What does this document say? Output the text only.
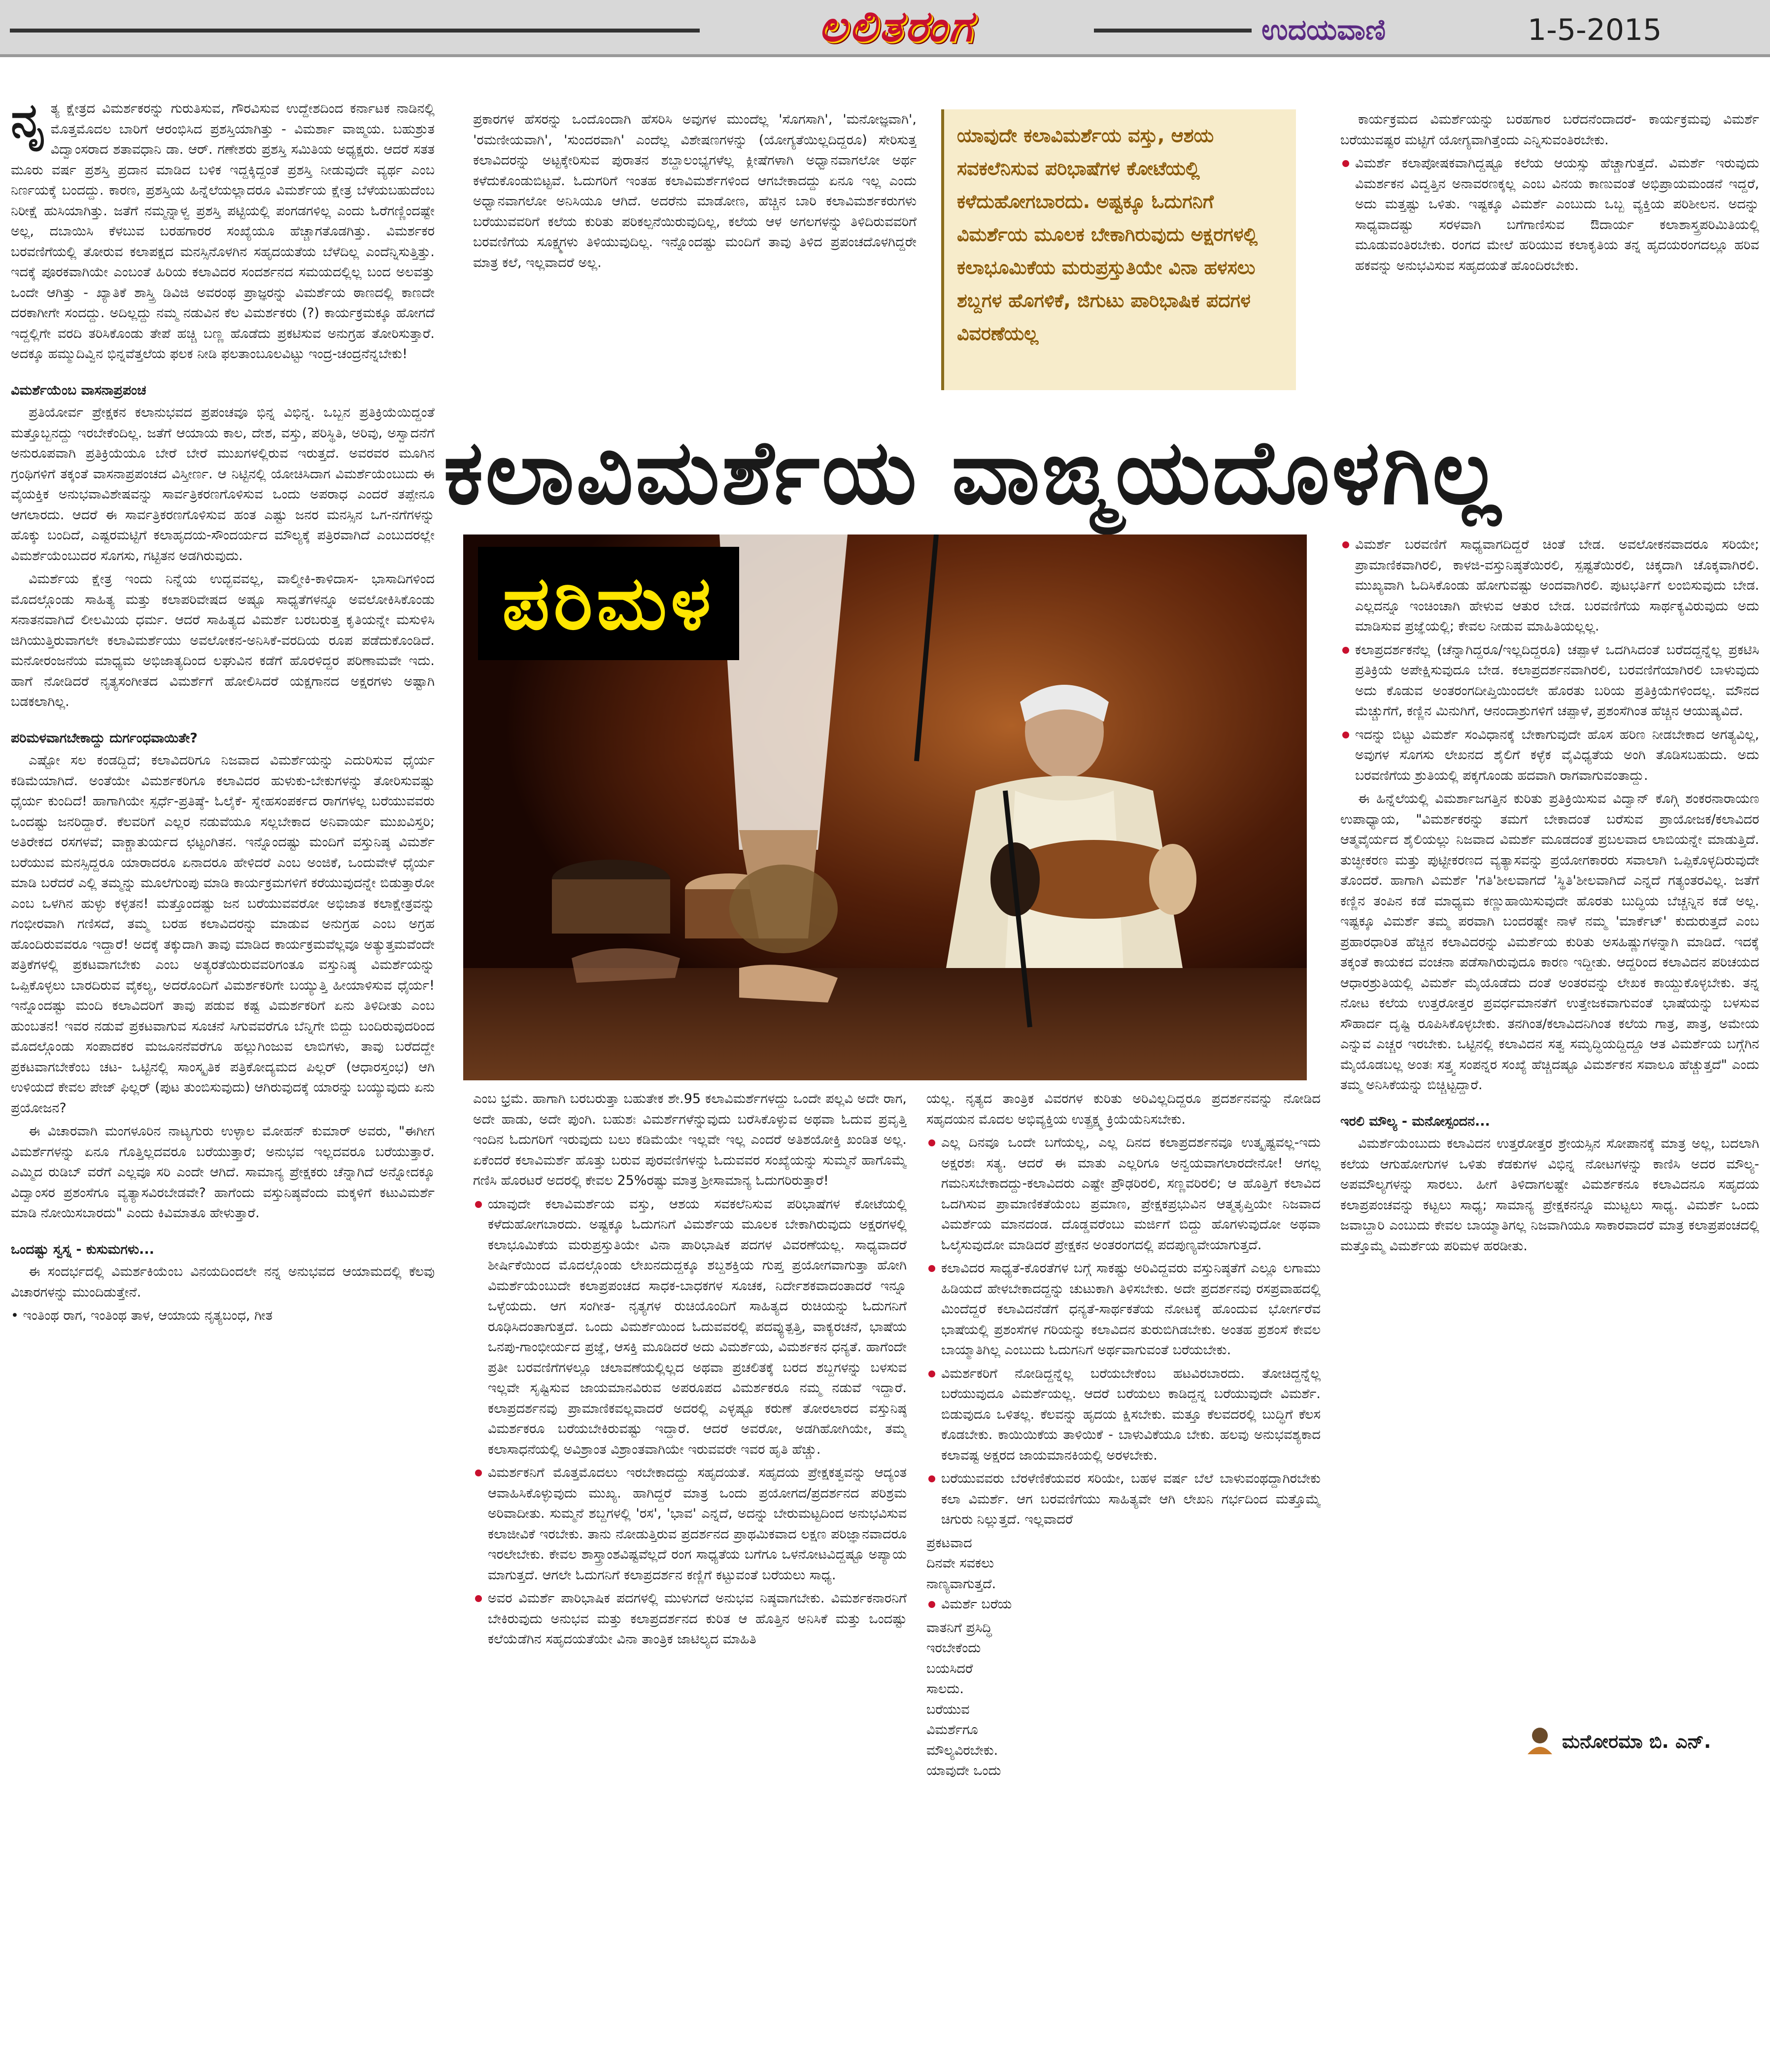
ಲಲಿತರಂಗ	ಉದಯವಾಣಿ	1-5-2015

ನೃತ್ಯ ಕ್ಷೇತ್ರದ ವಿಮರ್ಶಕರನ್ನು ಗುರುತಿಸುವ, ಗೌರವಿಸುವ ಉದ್ದೇಶದಿಂದ ಕರ್ನಾಟಕ ನಾಡಿನಲ್ಲಿ ಮೊತ್ತಮೊದಲ ಬಾರಿಗೆ ಆರಂಭಿಸಿದ ಪ್ರಶಸ್ತಿಯಾಗಿತ್ತು - ವಿಮರ್ಶಾ ವಾಙ್ಮಯ. ಬಹುಶ್ರುತ ವಿದ್ವಾಂಸರಾದ ಶತಾವಧಾನಿ ಡಾ. ಆರ್. ಗಣೇಶರು ಪ್ರಶಸ್ತಿ ಸಮಿತಿಯ ಅಧ್ಯಕ್ಷರು. ಆದರೆ ಸತತ ಮೂರು ವರ್ಷ ಪ್ರಶಸ್ತಿ ಪ್ರದಾನ ಮಾಡಿದ ಬಳಿಕ ಇದ್ದಕ್ಕಿದ್ದಂತೆ ಪ್ರಶಸ್ತಿ ನೀಡುವುದೇ ವ್ಯರ್ಥ ಎಂಬ ನಿರ್ಣಯಕ್ಕೆ ಬಂದದ್ದು. ಕಾರಣ, ಪ್ರಶಸ್ತಿಯ ಹಿನ್ನೆಲೆಯಲ್ಲಾದರೂ ವಿಮರ್ಶೆಯ ಕ್ಷೇತ್ರ ಬೆಳೆಯಬಹುದೆಂಬ ನಿರೀಕ್ಷೆ ಹುಸಿಯಾಗಿತ್ತು. ಜತೆಗೆ ನಮ್ಮನ್ನಾಳ್ವ ಪ್ರಶಸ್ತಿ ಪಟ್ಟಿಯಲ್ಲಿ ಪಂಗಡಗಳಿಲ್ಲ ಎಂದು ಓರೆಗಣ್ಣಿಂದಷ್ಟೇ ಅಲ್ಲ, ದಬಾಯಿಸಿ ಕೆಳಬುವ ಬರಹಗಾರರ ಸಂಖ್ಯೆಯೂ ಹೆಚ್ಚಾಗತೊಡಗಿತ್ತು. ವಿಮರ್ಶಕರ ಬರವಣಿಗೆಯಲ್ಲಿ ತೋರುವ ಕಲಾಪಕ್ಷದ ಮನಸ್ಸಿನೊಳಗಿನ ಸಹೃದಯತೆಯ ಬೆಳೆದಿಲ್ಲ ಎಂದೆನ್ನಿಸುತ್ತಿತ್ತು. ಇದಕ್ಕೆ ಪೂರಕವಾಗಿಯೇ ಎಂಬಂತೆ ಹಿರಿಯ ಕಲಾವಿದರ ಸಂದರ್ಶನದ ಸಮಯದಲ್ಲಿಲ್ಲ ಬಂದ ಅಲವತ್ತು ಒಂದೇ ಆಗಿತ್ತು - ಖ್ಯಾತಿಕೆ ಶಾಸ್ತ್ರಿ ಡಿವಿಜಿ ಅವರಂಥ ಪ್ರಾಜ್ಞರನ್ನು ವಿಮರ್ಶೆಯ ಠಾಣದಲ್ಲಿ ಕಾಣದೇ ದರಕಾಗೀಗೇ ಸಂದದ್ದು. ಅದಿಲ್ಲದ್ದು ನಮ್ಮ ನಡುವಿನ ಕೆಲ ವಿಮರ್ಶಕರು (?) ಕಾರ್ಯಕ್ರಮಕ್ಕೂ ಹೋಗದೆ ಇದ್ದಲ್ಲಿಗೇ ವರದಿ ತರಿಸಿಕೊಂಡು ತೇಪೆ ಹಚ್ಚಿ ಬಣ್ಣ ಹೊಡೆದು ಪ್ರಕಟಿಸುವ ಅನುಗ್ರಹ ತೋರಿಸುತ್ತಾರೆ. ಅದಕ್ಕೂ ಹಮ್ಮುದಿವ್ವಿನ ಭಿನ್ನವೆತ್ತಲೆಯ ಫಲಕ ನೀಡಿ ಫಲತಾಂಬೂಲವಿಟ್ಟು ಇಂದ್ರ-ಚಂದ್ರನೆನ್ನಬೇಕು!

ವಿಮರ್ಶೆಯೆಂಬ ವಾಸನಾಪ್ರಪಂಚ

ಪ್ರತಿಯೋರ್ವ ಪ್ರೇಕ್ಷಕನ ಕಲಾನುಭವದ ಪ್ರಪಂಚವೂ ಭಿನ್ನ ವಿಭಿನ್ನ. ಒಬ್ಬನ ಪ್ರತಿಕ್ರಿಯೆಯಿದ್ದಂತೆ ಮತ್ತೊಬ್ಬನದ್ದು ಇರಬೇಕೆಂದಿಲ್ಲ. ಜತೆಗೆ ಆಯಾಯ ಕಾಲ, ದೇಶ, ವಸ್ತು, ಪರಿಸ್ಥಿತಿ, ಅರಿವು, ಅಸ್ವಾದನೆಗೆ ಅನುರೂಪವಾಗಿ ಪ್ರತಿಕ್ರಿಯೆಯೂ ಬೇರೆ ಬೇರೆ ಮುಖಗಳಲ್ಲಿರುವ ಇರುತ್ತದೆ. ಅವರವರ ಮೂಗಿನ ಗ್ರಂಥಿಗಳಿಗೆ ತಕ್ಕಂತೆ ವಾಸನಾಪ್ರಪಂಚದ ವಿಸ್ತೀರ್ಣ. ಆ ನಿಟ್ಟಿನಲ್ಲಿ ಯೋಚಿಸಿದಾಗ ವಿಮರ್ಶೆಯೆಂಬುದು ಈ ವೈಯಕ್ತಿಕ ಅನುಭವಾವಿಶೇಷವನ್ನು ಸಾರ್ವತ್ರಿಕರಣಗೊಳಿಸುವ ಒಂದು ಅಪರಾಧ ಎಂದರೆ ತಪ್ಪೇನೂ ಆಗಲಾರದು. ಆದರೆ ಈ ಸಾರ್ವತ್ರಿಕರಣಗೊಳಿಸುವ ಹಂತ ಎಷ್ಟು ಜನರ ಮನಸ್ಸಿನ ಒಗ-ನಗೆಗಳನ್ನು ಹೊಕ್ಕು ಬಂದಿದೆ, ಎಷ್ಟರಮಟ್ಟಿಗೆ ಕಲಾಹೃದಯ-ಸೌಂದರ್ಯದ ಮೌಲ್ಯಕ್ಕೆ ಪತ್ರಿರವಾಗಿದೆ ಎಂಬುದರಲ್ಲೇ ವಿಮರ್ಶೆಯೆಂಬುದರ ಸೊಗಸು, ಗಟ್ಟಿತನ ಅಡಗಿರುವುದು.

ವಿಮರ್ಶೆಯ ಕ್ಷೇತ್ರ ಇಂದು ನಿನ್ನೆಯ ಉದ್ಭವವಲ್ಲ, ವಾಲ್ಮೀಕಿ-ಕಾಳಿದಾಸ- ಭಾಸಾದಿಗಳಿಂದ ಮೊದಲ್ಗೊಂಡು ಸಾಹಿತ್ಯ ಮತ್ತು ಕಲಾಪರಿವೇಷದ ಅಷ್ಟೂ ಸಾಧ್ಯತೆಗಳನ್ನೂ ಅವಲೋಕಿಸಿಕೊಂಡು ಸನಾತನವಾಗಿದೆ ಲೀಲಮಿಯ ಧರ್ಮ. ಆದರೆ ಸಾಹಿತ್ಯದ ವಿಮರ್ಶೆ ಬರಬರುತ್ತ ಕೃತಿಯನ್ನೇ ಮಸುಳಿಸಿ ಜಿಗಿಯುತ್ತಿರುವಾಗಲೇ ಕಲಾವಿಮರ್ಶೆಯು ಅವಲೋಕನ-ಅನಿಸಿಕೆ-ವರದಿಯ ರೂಪ ಪಡೆದುಕೊಂಡಿದೆ. ಮನೋರಂಜನೆಯ ಮಾಧ್ಯಮ ಅಭಿಜಾತ್ಯದಿಂದ ಲಘುವಿನ ಕಡೆಗೆ ಹೊರಳಿದ್ದರ ಪರಿಣಾಮವೇ ಇದು. ಹಾಗೆ ನೋಡಿದರೆ ನೃತ್ಯಸಂಗೀತದ ವಿಮರ್ಶೆಗೆ ಹೋಲಿಸಿದರೆ ಯಕ್ಷಗಾನದ ಅಕ್ಷರಗಳು ಅಷ್ಟಾಗಿ ಬಡಕಲಾಗಿಲ್ಲ.

ಪರಿಮಳವಾಗಬೇಕಾದ್ದು ದುರ್ಗಂಧವಾಯಿತೇ?

ಎಷ್ಟೋ ಸಲ ಕಂಡದ್ದಿದೆ; ಕಲಾವಿದರಿಗೂ ನಿಜವಾದ ವಿಮರ್ಶೆಯನ್ನು ಎದುರಿಸುವ ಧೈರ್ಯ ಕಡಿಮೆಯಾಗಿದೆ. ಅಂತೆಯೇ ವಿಮರ್ಶಕರಿಗೂ ಕಲಾವಿದರ ಹುಳುಕು-ಬೇಕುಗಳನ್ನು ತೋರಿಸುವಷ್ಟು ಧೈರ್ಯ ಕುಂದಿದೆ! ಹಾಗಾಗಿಯೇ ಸ್ಪರ್ಧೆ-ಪ್ರತಿಷ್ಠೆ- ಓಲೈಕೆ- ಸ್ನೇಹಸಂಪರ್ಕದ ರಾಗಗಳಲ್ಲ ಬರೆಯುವವರು ಒಂದಷ್ಟು ಜನರಿದ್ದಾರೆ. ಕೆಲವರಿಗೆ ಎಲ್ಲರ ನಡುವೆಯೂ ಸಲ್ಲಬೇಕಾದ ಅನಿವಾರ್ಯ ಮುಖವಿಸ್ತರಿ; ಅತಿರೇಕದ ರಸಗಳವೆ; ವಾಕ್ಚಾತುರ್ಯದ ಛಟ್ಟಂಗಿತನ. ಇನ್ನೊಂದಷ್ಟು ಮಂದಿಗೆ ವಸ್ತುನಿಷ್ಠ ವಿಮರ್ಶೆ ಬರೆಯುವ ಮನಸ್ಸಿದ್ದರೂ ಯಾರಾದರೂ ಏನಾದರೂ ಹೇಳಿದರೆ ಎಂಬ ಅಂಜಿಕೆ, ಒಂದುವೇಳೆ ಧೈರ್ಯ ಮಾಡಿ ಬರೆದರೆ ಎಲ್ಲಿ ತಮ್ಮನ್ನು ಮೂಲೆಗುಂಪು ಮಾಡಿ ಕಾರ್ಯಕ್ರಮಗಳಿಗೆ ಕರೆಯುವುದನ್ನೇ ಬಿಡುತ್ತಾರೋ ಎಂಬ ಒಳಗಿನ ಹುಳ್ಳು ಕಳ್ಳತನ! ಮತ್ತೊಂದಷ್ಟು ಜನ ಬರೆಯುವವರೋ ಅಭಿಜಾತ ಕಲಾಕ್ಷೇತ್ರವನ್ನು ಗಂಭೀರವಾಗಿ ಗಣಿಸದೆ, ತಮ್ಮ ಬರಹ ಕಲಾವಿದರನ್ನು ಮಾಡುವ ಅನುಗ್ರಹ ಎಂಬ ಅಗ್ರಹ ಹೊಂದಿರುವವರೂ ಇದ್ದಾರೆ! ಅದಕ್ಕೆ ತಕ್ಕುದಾಗಿ ತಾವು ಮಾಡಿದ ಕಾರ್ಯಕ್ರಮವೆಲ್ಲವೂ ಅತ್ಯುತ್ತಮವೆಂದೇ ಪತ್ರಿಕೆಗಳಲ್ಲಿ ಪ್ರಕಟವಾಗಬೇಕು ಎಂಬ ಅತ್ಯರತೆಯಿರುವವರಿಗಂತೂ ವಸ್ತುನಿಷ್ಠ ವಿಮರ್ಶೆಯನ್ನು ಒಪ್ಪಿಕೊಳ್ಳಲು ಬಾರದಿರುವ ವೈಕಲ್ಯ, ಅದರೊಂದಿಗೆ ವಿಮರ್ಶಕರಿಗೇ ಬಯ್ಯುತ್ತಿ ಹೀಯಾಳಿಸುವ ಧೈರ್ಯ! ಇನ್ನೊಂದಷ್ಟು ಮಂದಿ ಕಲಾವಿದರಿಗೆ ತಾವು ಪಡುವ ಕಷ್ಟ ವಿಮರ್ಶಕರಿಗೆ ಏನು ತಿಳಿದೀತು ಎಂಬ ಹುಂಬತನ! ಇವರ ನಡುವೆ ಪ್ರಕಟವಾಗುವ ಸೂಚನೆ ಸಿಗುವವರೆಗೂ ಬೆನ್ನಿಗೇ ಬಿದ್ದು ಬಂದಿರುವುದರಿಂದ ಮೊದಲ್ಗೊಂಡು ಸಂಪಾದಕರ ಮಜೂನನೆವರೆಗೂ ಹಲ್ಲುಗಿಂಜುವ ಲಾಬಿಗಳು, ತಾವು ಬರೆದದ್ದೇ ಪ್ರಕಟವಾಗಬೇಕೆಂಬ ಚಟ- ಒಟ್ಟಿನಲ್ಲಿ ಸಾಂಸ್ಕೃತಿಕ ಪತ್ರಿಕೋದ್ಯಮದ ಪಿಲ್ಲರ್ (ಆಧಾರಸ್ತಂಭ) ಆಗಿ ಉಳಿಯದೆ ಕೇವಲ ಪೇಜ್ ಫಿಲ್ಲರ್ (ಪುಟ ತುಂಬಿಸುವುದು) ಆಗಿರುವುದಕ್ಕೆ ಯಾರನ್ನು ಬಯ್ಯುವುದು ಏನು ಪ್ರಯೋಜನ?

ಈ ವಿಚಾರವಾಗಿ ಮಂಗಳೂರಿನ ನಾಟ್ಯಗುರು ಉಳ್ಳಾಲ ಮೋಹನ್ ಕುಮಾರ್ ಅವರು, "ಈಗೀಗ ವಿಮರ್ಶೆಗಳನ್ನು ಏನೂ ಗೊತ್ತಿಲ್ಲದವರೂ ಬರೆಯುತ್ತಾರೆ; ಅನುಭವ ಇಲ್ಲದವರೂ ಬರೆಯುತ್ತಾರೆ. ಎಮ್ಮಿದ ರುಡಿಬ್‍ ವರೆಗೆ ಎಲ್ಲವೂ ಸರಿ ಎಂದೇ ಆಗಿದೆ. ಸಾಮಾನ್ಯ ಪ್ರೇಕ್ಷಕರು ಚೆನ್ನಾಗಿದೆ ಅನ್ನೋದಕ್ಕೂ ವಿದ್ವಾಂಸರ ಪ್ರಶಂಸೆಗೂ ವ್ಯತ್ಯಾಸವಿರಬೇಡವೇ? ಹಾಗೆಂದು ವಸ್ತುನಿಷ್ಠವೆಂದು ಮಕ್ಕಳಿಗೆ ಕಟುವಿಮರ್ಶೆ ಮಾಡಿ ನೋಯಿಸಬಾರದು" ಎಂದು ಕಿವಿಮಾತೂ ಹೇಳುತ್ತಾರೆ.

ಒಂದಷ್ಟು ಸ್ವಸ್ನ - ಕುಸುಮಗಳು...

ಈ ಸಂದರ್ಭದಲ್ಲಿ ವಿಮರ್ಶಕಿಯೆಂಬ ವಿನಯದಿಂದಲೇ ನನ್ನ ಅನುಭವದ ಆಯಾಮದಲ್ಲಿ ಕೆಲವು ವಿಚಾರಗಳನ್ನು ಮುಂದಿಡುತ್ತೇನೆ.

• ಇಂತಿಂಥ ರಾಗ, ಇಂತಿಂಥ ತಾಳ, ಆಯಾಯ ನೃತ್ಯಬಂಧ, ಗೀತ

ಪ್ರಕಾರಗಳ ಹೆಸರನ್ನು ಒಂದೊಂದಾಗಿ ಹೆಸರಿಸಿ ಅವುಗಳ ಮುಂದೆಲ್ಲ 'ಸೊಗಸಾಗಿ', 'ಮನೋಜ್ಞವಾಗಿ', 'ರಮಣೀಯವಾಗಿ', 'ಸುಂದರವಾಗಿ' ಎಂದೆಲ್ಲ ವಿಶೇಷಣಗಳನ್ನು (ಯೋಗ್ಯತೆಯಿಲ್ಲದಿದ್ದರೂ) ಸೇರಿಸುತ್ತ ಕಲಾವಿದರನ್ನು ಅಟ್ಟಕ್ಕೇರಿಸುವ ಪುರಾತನ ಶಬ್ದಾಲಂಭ್ಯಗಳೆಲ್ಲ ಕ್ಲೀಷೆಗಳಾಗಿ ಅಧ್ವಾನವಾಗಲೋ ಅರ್ಥ ಕಳೆದುಕೊಂಡುಬಿಟ್ಟವೆ. ಓದುಗರಿಗೆ ಇಂತಹ ಕಲಾವಿಮರ್ಶೆಗಳಿಂದ ಆಗಬೇಕಾದದ್ದು ಏನೂ ಇಲ್ಲ ಎಂದು ಅಧ್ವಾನವಾಗಲೋ ಅನಿಸಿಯೂ ಆಗಿದೆ. ಅದರೆನು ಮಾಡೋಣ, ಹೆಚ್ಚಿನ ಬಾರಿ ಕಲಾವಿಮರ್ಶಕರುಗಳು ಬರೆಯುವವರಿಗೆ ಕಲೆಯ ಕುರಿತು ಪರಿಕಲ್ಪನೆಯಿರುವುದಿಲ್ಲ, ಕಲೆಯ ಆಳ ಅಗಲಗಳನ್ನು ತಿಳಿದಿರುವವರಿಗೆ ಬರವಣಿಗೆಯ ಸೂಕ್ಷ್ಮಗಳು ತಿಳಿಯುವುದಿಲ್ಲ. ಇನ್ನೊಂದಷ್ಟು ಮಂದಿಗೆ ತಾವು ತಿಳಿದ ಪ್ರಪಂಚದೊಳಗಿದ್ದರೇ ಮಾತ್ರ ಕಲೆ, ಇಲ್ಲವಾದರೆ ಅಲ್ಲ.

ಯಾವುದೇ ಕಲಾವಿಮರ್ಶೆಯ ವಸ್ತು, ಆಶಯ ಸವಕಲೆನಿಸುವ ಪರಿಭಾಷೆಗಳ ಕೋಟೆಯಲ್ಲಿ ಕಳೆದುಹೋಗಬಾರದು. ಅಷ್ಟಕ್ಕೂ ಓದುಗನಿಗೆ ವಿಮರ್ಶೆಯ ಮೂಲಕ ಬೇಕಾಗಿರುವುದು ಅಕ್ಷರಗಳಲ್ಲಿ ಕಲಾಭೂಮಿಕೆಯ ಮರುಪ್ರಸ್ತುತಿಯೇ ವಿನಾ ಹಳಸಲು ಶಬ್ದಗಳ ಹೊಗಳಿಕೆ, ಜಿಗುಟು ಪಾರಿಭಾಷಿಕ ಪದಗಳ ವಿವರಣೆಯಲ್ಲ

ಕಾರ್ಯಕ್ರಮದ ವಿಮರ್ಶೆಯನ್ನು ಬರಹಗಾರ ಬರೆದನೆಂದಾದರೆ- ಕಾರ್ಯಕ್ರಮವು ವಿಮರ್ಶೆ ಬರೆಯುವಷ್ಟರ ಮಟ್ಟಿಗೆ ಯೋಗ್ಯವಾಗಿತ್ತೆಂದು ಎನ್ನಿಸುವಂತಿರಬೇಕು.

ವಿಮರ್ಶೆ ಕಲಾಪೋಷಕವಾಗಿದ್ದಷ್ಟೂ ಕಲೆಯ ಆಯಸ್ಸು ಹೆಚ್ಚಾಗುತ್ತದೆ. ವಿಮರ್ಶೆ ಇರುವುದು ವಿಮರ್ಶಕನ ವಿದ್ವತ್ತಿನ ಅನಾವರಣಕ್ಕಲ್ಲ ಎಂಬ ವಿನಯ ಕಾಣುವಂತೆ ಅಭಿಪ್ರಾಯಮಂಡನೆ ಇದ್ದರೆ, ಅದು ಮತ್ತಷ್ಟು ಒಳಿತು. ಇಷ್ಟಕ್ಕೂ ವಿಮರ್ಶೆ ಎಂಬುದು ಒಬ್ಬ ವ್ಯಕ್ತಿಯ ಪರಿಶೀಲನ. ಅದನ್ನು ಸಾಧ್ಯವಾದಷ್ಟು ಸರಳವಾಗಿ ಬಗೆಗಾಣಿಸುವ ಔದಾರ್ಯ ಕಲಾಶಾಸ್ತ್ರಪರಿಮಿತಿಯಲ್ಲಿ ಮೂಡುವಂತಿರಬೇಕು. ರಂಗದ ಮೇಲೆ ಹರಿಯುವ ಕಲಾಕೃತಿಯ ತನ್ನ ಹೃದಯರಂಗದಲ್ಲೂ ಹರಿವ ಹಕವನ್ನು ಅನುಭವಿಸುವ ಸಹೃದಯತೆ ಹೊಂದಿರಬೇಕು.
ಕಲಾವಿಮರ್ಶೆಯ ವಾಙ್ಮಯದೊಳಗಿಲ್ಲ
ಪರಿಮಳ
ವಿಮರ್ಶೆ ಬರವಣಿಗೆ ಸಾಧ್ಯವಾಗದಿದ್ದರೆ ಚಿಂತೆ ಬೇಡ. ಅವಲೋಕನವಾದರೂ ಸರಿಯೇ; ಪ್ರಾಮಾಣಿಕವಾಗಿರಲಿ, ಕಾಳಜಿ-ವಸ್ತುನಿಷ್ಠತೆಯಿರಲಿ, ಸ್ಪಷ್ಟತೆಯಿರಲಿ, ಚಿಕ್ಕದಾಗಿ ಚೊಕ್ಕವಾಗಿರಲಿ. ಮುಖ್ಯವಾಗಿ ಓದಿಸಿಕೊಂಡು ಹೋಗುವಷ್ಟು ಅಂದವಾಗಿರಲಿ. ಪುಟಭರ್ತಿಗೆ ಲಂಬಿಸುವುದು ಬೇಡ. ಎಲ್ಲದನ್ನೂ ಇಂಚಿಂಚಾಗಿ ಹೇಳುವ ಆತುರ ಬೇಡ. ಬರವಣಿಗೆಯ ಸಾರ್ಥಕ್ಯವಿರುವುದು ಅದು ಮಾಡಿಸುವ ಪ್ರಜ್ಞೆಯಲ್ಲಿ; ಕೇವಲ ನೀಡುವ ಮಾಹಿತಿಯಲ್ಲಲ್ಲ.
ಕಲಾಪ್ರದರ್ಶಕನೆಲ್ಲ (ಚೆನ್ನಾಗಿದ್ದರೂ/ಇಲ್ಲದಿದ್ದರೂ) ಚಪ್ಪಾಳೆ ಒದಗಿಸಿದಂತೆ ಬರೆದದ್ದನ್ನೆಲ್ಲ ಪ್ರಕಟಿಸಿ ಪ್ರತಿಕ್ರಿಯೆ ಅಪೇಕ್ಷಿಸುವುದೂ ಬೇಡ. ಕಲಾಪ್ರದರ್ಶನವಾಗಿರಲಿ, ಬರವಣಿಗೆಯಾಗಿರಲಿ ಬಾಳುವುದು ಅದು ಕೊಡುವ ಅಂತರಂಗದೀಪ್ತಿಯಿಂದಲೇ ಹೊರತು ಬರಿಯ ಪ್ರತಿಕ್ರಿಯೆಗಳಿಂದಲ್ಲ. ಮೌನದ ಮೆಚ್ಚುಗೆಗೆ, ಕಣ್ಣಿನ ಮಿನುಗಿಗೆ, ಆನಂದಾಶ್ರುಗಳಿಗೆ ಚಪ್ಪಾಳೆ, ಪ್ರಶಂಸೆಗಿಂತ ಹೆಚ್ಚಿನ ಆಯುಷ್ಯವಿದೆ.
ಇದನ್ನು ಬಿಟ್ಟು ವಿಮರ್ಶೆ ಸಂವಿಧಾನಕ್ಕೆ ಬೇಕಾಗುವುದೇ ಹೊಸ ಹರಿಣ ನೀಡಬೇಕಾದ ಅಗತ್ಯವಿಲ್ಲ, ಅವುಗಳ ಸೊಗಸು ಲೇಖನದ ಶೈಲಿಗೆ ಕಳ್ಳೆಕ ವೈವಿಧ್ಯತೆಯ ಅಂಗಿ ತೊಡಿಸಬಹುದು. ಅದು ಬರವಣಿಗೆಯ ಶ್ರುತಿಯಲ್ಲಿ ಪಕ್ಕಗೊಂಡು ಹದವಾಗಿ ರಾಗವಾಗುವಂತಾದ್ದು.

ಈ ಹಿನ್ನೆಲೆಯಲ್ಲಿ ವಿಮರ್ಶಾಜಗತ್ತಿನ ಕುರಿತು ಪ್ರತಿಕ್ರಿಯಿಸುವ ವಿದ್ವಾನ್ ಕೊಗ್ಗಿ ಶಂಕರನಾರಾಯಣ ಉಪಾಧ್ಯಾಯ, "ವಿಮರ್ಶಕರನ್ನು ತಮಗೆ ಬೇಕಾದಂತೆ ಬರೆಸುವ ಪ್ರಾಯೋಜಕ/ಕಲಾವಿದರ ಆತ್ಮವೈರ್ಯದ ಶೈಲಿಯಲ್ಲು ನಿಜವಾದ ವಿಮರ್ಶೆ ಮೂಡದಂತೆ ಪ್ರಬಲವಾದ ಲಾಬಿಯನ್ನೇ ಮಾಡುತ್ತಿದೆ. ತುಚ್ಛೀಕರಣ ಮತ್ತು ಪುಟ್ಟೀಕರಣದ ವ್ಯತ್ಯಾಸವನ್ನು ಪ್ರಯೋಗಕಾರರು ಸವಾಲಾಗಿ ಒಪ್ಪಿಕೊಳ್ಳದಿರುವುದೇ ತೊಂದರೆ. ಹಾಗಾಗಿ ವಿಮರ್ಶೆ 'ಗತಿ'ಶೀಲವಾಗದೆ 'ಸ್ಥಿತಿ'ಶೀಲವಾಗಿದೆ ಎನ್ನದೆ ಗತ್ಯಂತರವಿಲ್ಲ. ಜತೆಗೆ ಕಣ್ಣಿನ ತಂಪಿನ ಕಡೆ ಮಾಧ್ಯಮ ಕಣ್ಣುಹಾಯಿಸುವುದೇ ಹೊರತು ಬುದ್ಧಿಯ ಬೆಚ್ಚನ್ನಿನ ಕಡೆ ಅಲ್ಲ. ಇಷ್ಟಕ್ಕೂ ವಿಮರ್ಶೆ ತಮ್ಮ ಪರವಾಗಿ ಬಂದರಷ್ಟೇ ನಾಳೆ ನಮ್ಮ 'ಮಾರ್ಕೆಟ್' ಕುದುರುತ್ತದೆ ಎಂಬ ಪ್ರಹಾರಧಾರಿತ ಹೆಚ್ಚಿನ ಕಲಾವಿದರನ್ನು ವಿಮರ್ಶೆಯ ಕುರಿತು ಅಸಹಿಷ್ಣುಗಳನ್ನಾಗಿ ಮಾಡಿದೆ. ಇದಕ್ಕೆ ತಕ್ಕಂತೆ ಕಾಯಕದ ವಂಚನಾ ಪಡೆಸಾಗಿರುವುದೂ ಕಾರಣ ಇದ್ದೀತು. ಆದ್ದರಿಂದ ಕಲಾವಿದನ ಪರಿಚಯದ ಆಧಾರಶ್ರುತಿಯಲ್ಲಿ ವಿಮರ್ಶೆ ಮೈಯೊಡೆದು ದಂತೆ ಅಂತರವನ್ನು ಲೇಖಕ ಕಾಯ್ದುಕೊಳ್ಳಬೇಕು. ತನ್ನ ನೋಟ ಕಲೆಯ ಉತ್ತರೋತ್ತರ ಪ್ರವರ್ಧಮಾನತೆಗೆ ಉತ್ತೇಜಕವಾಗುವಂತೆ ಭಾಷೆಯನ್ನು ಬಳಸುವ ಸೌಹಾರ್ದ ದೃಷ್ಟಿ ರೂಪಿಸಿಕೊಳ್ಳಬೇಕು. ತನಗಿಂತ/ಕಲಾವಿದನಿಗಿಂತ ಕಲೆಯ ಗಾತ್ರ, ಪಾತ್ರ, ಅಮೇಯ ಎನ್ನುವ ಎಚ್ಚರ ಇರಬೇಕು. ಒಟ್ಟಿನಲ್ಲಿ ಕಲಾವಿದನ ಸತ್ವ ಸಮೃದ್ಧಿಯದ್ದಿದ್ದೂ ಆತ ವಿಮರ್ಶೆಯ ಬಗ್ಗೆಗಿನ ಮೈಯೊಡಬಲ್ಲ ಅಂತಃ ಸತ್ತ್ವ ಸಂಪನ್ನರ ಸಂಖ್ಯೆ ಹೆಚ್ಚಿದಷ್ಟೂ ವಿಮರ್ಶಕನ ಸವಾಲೂ ಹೆಚ್ಚುತ್ತದೆ" ಎಂದು ತಮ್ಮ ಅನಿಸಿಕೆಯನ್ನು ಬಿಚ್ಚಿಟ್ಟದ್ದಾರೆ.

ಇರಲಿ ಮೌಲ್ಯ - ಮನೋಸ್ಪಂದನ...

ವಿಮರ್ಶೆಯೆಂಬುದು ಕಲಾವಿದನ ಉತ್ತರೋತ್ತರ ಶ್ರೇಯಸ್ಸಿನ ಸೋಪಾನಕ್ಕೆ ಮಾತ್ರ ಅಲ್ಲ, ಬದಲಾಗಿ ಕಲೆಯ ಆಗುಹೋಗುಗಳ ಒಳಿತು ಕೆಡಕುಗಳ ವಿಭಿನ್ನ ನೋಟಗಳನ್ನು ಕಾಣಿಸಿ ಅದರ ಮೌಲ್ಯ-ಅಪಮೌಲ್ಯಗಳನ್ನು ಸಾರಲು. ಹೀಗೆ ತಿಳಿದಾಗಲಷ್ಟೇ ವಿಮರ್ಶಕನೂ ಕಲಾವಿದನೂ ಸಹೃದಯ ಕಲಾಪ್ರಪಂಚವನ್ನು ಕಟ್ಟಲು ಸಾಧ್ಯ; ಸಾಮಾನ್ಯ ಪ್ರೇಕ್ಷಕನನ್ನೂ ಮುಟ್ಟಲು ಸಾಧ್ಯ. ವಿಮರ್ಶೆ ಒಂದು ಜವಾಬ್ದಾರಿ ಎಂಬುದು ಕೇವಲ ಬಾಯ್ಮಾತಿಗಲ್ಲ ನಿಜವಾಗಿಯೂ ಸಾಕಾರವಾದರೆ ಮಾತ್ರ ಕಲಾಪ್ರಪಂಚದಲ್ಲಿ ಮತ್ತೊಮ್ಮೆ ವಿಮರ್ಶೆಯ ಪರಿಮಳ ಹರಡೀತು.

ಮನೋರಮಾ ಬಿ. ಎನ್.

ಎಂಬ ಭ್ರಮೆ. ಹಾಗಾಗಿ ಬರಬರುತ್ತಾ ಬಹುತೇಕ ಶೇ.95 ಕಲಾವಿಮರ್ಶೆಗಳದ್ದು ಒಂದೇ ಪಲ್ಲವಿ ಅದೇ ರಾಗ, ಅದೇ ಹಾಡು, ಅದೇ ಪುಂಗಿ. ಬಹುಶಃ ವಿಮರ್ಶೆಗಳೆನ್ನುವುದು ಬರೆಸಿಕೊಳ್ಳುವ ಅಥವಾ ಓದುವ ಪ್ರವೃತ್ತಿ ಇಂದಿನ ಓದುಗರಿಗೆ ಇರುವುದು ಬಲು ಕಡಿಮೆಯೇ ಇಲ್ಲವೇ ಇಲ್ಲ ಎಂದರೆ ಅತಿಶಯೋಕ್ತಿ ಖಂಡಿತ ಅಲ್ಲ. ಏಕೆಂದರೆ ಕಲಾವಿಮರ್ಶೆ ಹೊತ್ತು ಬರುವ ಪುರವಣಿಗಳನ್ನು ಓದುವವರ ಸಂಖ್ಯೆಯನ್ನು ಸುಮ್ಮನೆ ಹಾಗೊಮ್ಮೆ ಗಣಿಸಿ ಹೊರಟರೆ ಅದರಲ್ಲಿ ಕೇವಲ 25%ರಷ್ಟು ಮಾತ್ರ ಶ್ರೀಸಾಮಾನ್ಯ ಓದುಗರಿರುತ್ತಾರೆ!

ಯಾವುದೇ ಕಲಾವಿಮರ್ಶೆಯ ವಸ್ತು, ಆಶಯ ಸವಕಲೆನಿಸುವ ಪರಿಭಾಷೆಗಳ ಕೋಟೆಯಲ್ಲಿ ಕಳೆದುಹೋಗಬಾರದು. ಅಷ್ಟಕ್ಕೂ ಓದುಗನಿಗೆ ವಿಮರ್ಶೆಯ ಮೂಲಕ ಬೇಕಾಗಿರುವುದು ಅಕ್ಷರಗಳಲ್ಲಿ ಕಲಾಭೂಮಿಕೆಯ ಮರುಪ್ರಸ್ತುತಿಯೇ ವಿನಾ ಪಾರಿಭಾಷಿಕ ಪದಗಳ ವಿವರಣೆಯಲ್ಲ. ಸಾಧ್ಯವಾದರೆ ಶೀರ್ಷಿಕೆಯಿಂದ ಮೊದಲ್ಗೊಂಡು ಲೇಖನದುದ್ದಕ್ಕೂ ಶಬ್ದಶಕ್ತಿಯ ಗುಪ್ತ ಪ್ರಯೋಗವಾಗುತ್ತಾ ಹೋಗಿ ವಿಮರ್ಶೆಯೆಂಬುದೇ ಕಲಾಪ್ರಪಂಚದ ಸಾಧಕ-ಬಾಧಕಗಳ ಸೂಚಕ, ನಿರ್ದೇಶಕವಾದಂತಾದರೆ ಇನ್ನೂ ಒಳ್ಳೆಯದು. ಆಗ ಸಂಗೀತ- ನೃತ್ಯಗಳ ರುಚಿಯೊಂದಿಗೆ ಸಾಹಿತ್ಯದ ರುಚಿಯನ್ನು ಓದುಗನಿಗೆ ರೂಢಿಸಿದಂತಾಗುತ್ತದೆ. ಒಂದು ವಿಮರ್ಶೆಯಿಂದ ಓದುವವರಲ್ಲಿ ಪದವ್ಯುತ್ಪತ್ತಿ, ವಾಕ್ಯರಚನೆ, ಭಾಷೆಯ ಒನಪು-ಗಾಂಭೀರ್ಯದ ಪ್ರಜ್ಞೆ, ಆಸಕ್ತಿ ಮೂಡಿದರೆ ಅದು ವಿಮರ್ಶೆಯ, ವಿಮರ್ಶಕನ ಧನ್ಯತೆ. ಹಾಗೆಂದೇ ಪ್ರತೀ ಬರವಣಿಗೆಗಳಲ್ಲೂ ಚಲಾವಣೆಯಲ್ಲಿಲ್ಲದ ಅಥವಾ ಪ್ರಚಲಿತಕ್ಕೆ ಬರದ ಶಬ್ದಗಳನ್ನು ಬಳಸುವ ಇಲ್ಲವೇ ಸೃಷ್ಟಿಸುವ ಜಾಯಮಾನವಿರುವ ಅಪರೂಪದ ವಿಮರ್ಶಕರೂ ನಮ್ಮ ನಡುವೆ ಇದ್ದಾರೆ. ಕಲಾಪ್ರದರ್ಶನವು ಪ್ರಾಮಾಣಿಕವಲ್ಲವಾದರೆ ಅದರಲ್ಲಿ ಎಳ್ಳಷ್ಟೂ ಕರುಣೆ ತೋರಲಾರದ ವಸ್ತುನಿಷ್ಠ ವಿಮರ್ಶಕರೂ ಬರೆಯಬೇಕಿರುವಷ್ಟು ಇದ್ದಾರೆ. ಆದರೆ ಅವರೋ, ಅಡಗಿಹೋಗಿಯೇ, ತಮ್ಮ ಕಲಾಸಾಧನೆಯಲ್ಲಿ ಅವಿಶ್ರಾಂತ ವಿಶ್ರಾಂತವಾಗಿಯೇ ಇರುವವರೇ ಇವರ ಹೃತಿ ಹೆಚ್ಚು.
ವಿಮರ್ಶಕನಿಗೆ ಮೊತ್ತಮೊದಲು ಇರಬೇಕಾದದ್ದು ಸಹೃದಯತೆ. ಸಹೃದಯ ಪ್ರೇಕ್ಷಕತ್ವವನ್ನು ಆದ್ಯಂತ ಆವಾಹಿಸಿಕೊಳ್ಳುವುದು ಮುಖ್ಯ. ಹಾಗಿದ್ದರೆ ಮಾತ್ರ ಒಂದು ಪ್ರಯೋಗದ/ಪ್ರದರ್ಶನದ ಪರಿಶ್ರಮ ಅರಿವಾದೀತು. ಸುಮ್ಮನೆ ಶಬ್ದಗಳಲ್ಲಿ 'ರಸ', 'ಭಾವ' ಎನ್ನದೆ, ಅದನ್ನು ಬೇರುಮಟ್ಟದಿಂದ ಅನುಭವಿಸುವ ಕಲಾಜೀವಿಕೆ ಇರಬೇಕು. ತಾನು ನೋಡುತ್ತಿರುವ ಪ್ರದರ್ಶನದ ಪ್ರಾಥಮಿಕವಾದ ಲಕ್ಷಣ ಪರಿಜ್ಞಾನವಾದರೂ ಇರಲೇಬೇಕು. ಕೇವಲ ಶಾಸ್ತ್ರಾಂಶವಿಷ್ಟವೆಲ್ಲದೆ ರಂಗ ಸಾಧ್ಯತೆಯ ಬಗೆಗೂ ಒಳನೋಟವಿದ್ದಷ್ಟೂ ಅಪ್ಯಾಯ ಮಾಗುತ್ತದೆ. ಆಗಲೇ ಓದುಗನಿಗೆ ಕಲಾಪ್ರದರ್ಶನ ಕಣ್ಣಿಗೆ ಕಟ್ಟುವಂತೆ ಬರೆಯಲು ಸಾಧ್ಯ.
ಅವರ ವಿಮರ್ಶೆ ಪಾರಿಭಾಷಿಕ ಪದಗಳಲ್ಲಿ ಮುಳುಗದೆ ಅನುಭವ ನಿಷ್ಠವಾಗಬೇಕು. ವಿಮರ್ಶಕನಾರನಿಗೆ ಬೇಕಿರುವುದು ಅನುಭವ ಮತ್ತು ಕಲಾಪ್ರದರ್ಶನದ ಕುರಿತ ಆ ಹೊತ್ತಿನ ಅನಿಸಿಕೆ ಮತ್ತು ಒಂದಷ್ಟು ಕಲೆಯೆಡೆಗಿನ ಸಹೃದಯತೆಯೇ ವಿನಾ ತಾಂತ್ರಿಕ ಜಾಟಿಲ್ಯದ ಮಾಹಿತಿ

ಯಲ್ಲ. ನೃತ್ಯದ ತಾಂತ್ರಿಕ ವಿವರಗಳ ಕುರಿತು ಅರಿವಿಲ್ಲದಿದ್ದರೂ ಪ್ರದರ್ಶನವನ್ನು ನೋಡಿದ ಸಹೃದಯನ ಮೊದಲ ಅಭಿವ್ಯಕ್ತಿಯ ಉತ್ಪ್ರಕ್ಷ್ಮ ಕ್ರಿಯೆಯೆನಿಸಬೇಕು.

ಎಲ್ಲ ದಿನವೂ ಒಂದೇ ಬಗೆಯಲ್ಲ, ಎಲ್ಲ ದಿನದ ಕಲಾಪ್ರದರ್ಶನವೂ ಉತ್ಕೃಷ್ಟವಲ್ಲ-ಇದು ಅಕ್ಷರಶಃ ಸತ್ಯ. ಆದರೆ ಈ ಮಾತು ಎಲ್ಲರಿಗೂ ಅನ್ವಯವಾಗಲಾರದೇನೋ! ಆಗಲ್ಲ ಗಮನಿಸಬೇಕಾದದ್ದು-ಕಲಾವಿದರು ಎಷ್ಟೇ ಪ್ರೌಢರಿರಲಿ, ಸಣ್ಣವರಿರಲಿ; ಆ ಹೊತ್ತಿಗೆ ಕಲಾವಿದ ಒದಗಿಸುವ ಪ್ರಾಮಾಣಿಕತೆಯೆಂಬ ಪ್ರಮಾಣ, ಪ್ರೇಕ್ಷಕಪ್ರಭುವಿನ ಆತ್ಮತೃಪ್ತಿಯೇ ನಿಜವಾದ ವಿಮರ್ಶೆಯ ಮಾನದಂಡ. ದೊಡ್ಡವರೆಂಬು ಮರ್ಜಿಗೆ ಬಿದ್ದು ಹೊಗಳುವುದೋ ಅಥವಾ ಓಲೈಸುವುದೋ ಮಾಡಿದರೆ ಪ್ರೇಕ್ಷಕನ ಅಂತರಂಗದಲ್ಲಿ ಪದಪುಣ್ಯವೇಯಾಗುತ್ತದೆ.
ಕಲಾವಿದರ ಸಾಧ್ಯತೆ-ಕೊರತೆಗಳ ಬಗ್ಗೆ ಸಾಕಷ್ಟು ಅರಿವಿದ್ದವರು ವಸ್ತುನಿಷ್ಠತೆಗೆ ಎಲ್ಲೂ ಲಗಾಮು ಹಿಡಿಯದೆ ಹೇಳಬೇಕಾದದ್ದನ್ನು ಚುಟುಕಾಗಿ ತಿಳಿಸಬೇಕು. ಅದೇ ಪ್ರದರ್ಶನವು ರಸಪ್ರವಾಹದಲ್ಲಿ ಮಿಂದೆದ್ದರೆ ಕಲಾವಿದನೆಡೆಗೆ ಧನ್ಯತೆ-ಸಾರ್ಥಕತೆಯ ನೋಟಕ್ಕೆ ಹೊಂದುವ ಭೋರ್ಗರೆವ ಭಾಷೆಯಲ್ಲಿ ಪ್ರಶಂಸೆಗಳ ಗರಿಯನ್ನು ಕಲಾವಿದನ ತುರುಬಿಗಿಡಬೇಕು. ಅಂತಹ ಪ್ರಶಂಸೆ ಕೇವಲ ಬಾಯ್ಮಾತಿಗಿಲ್ಲ ಎಂಬುದು ಓದುಗನಿಗೆ ಅರ್ಥವಾಗುವಂತೆ ಬರೆಯಬೇಕು.
ವಿಮರ್ಶಕರಿಗೆ ನೋಡಿದ್ದನ್ನೆಲ್ಲ ಬರೆಯಬೇಕೆಂಬ ಹಟವಿರಬಾರದು. ತೋಚಿದ್ದನ್ನೆಲ್ಲ ಬರೆಯುವುದೂ ವಿಮರ್ಶೆಯಲ್ಲ. ಆದರೆ ಬರೆಯಲು ಕಾಡಿದ್ದನ್ನ ಬರೆಯುವುದೇ ವಿಮರ್ಶೆ. ಬಿಡುವುದೂ ಒಳಿತಲ್ಲ. ಕೆಲವನ್ನು ಹೃದಯ ಕ್ಷಿಸಬೇಕು. ಮತ್ತೂ ಕೆಲವದರಲ್ಲಿ ಬುದ್ಧಿಗೆ ಕೆಲಸ ಕೊಡಬೇಕು. ಕಾಯಿಯಿಕೆಯ ತಾಳಿಯಿಕೆ - ಬಾಳುವಿಕೆಯೂ ಬೇಕು. ಹಲವು ಅನುಭವಶ್ಯಕಾದ ಕಲಾವಷ್ಟ ಅಕ್ಷರದ ಜಾಯಮಾನಕಿಯಲ್ಲಿ ಅರಳಬೇಕು.
ಬರೆಯುವವರು ಬೆರಳೆಣಿಕೆಯವರ ಸರಿಯೇ, ಬಹಳ ವರ್ಷ ಬೆಲೆ ಬಾಳುವಂಥದ್ದಾಗಿರಬೇಕು ಕಲಾ ವಿಮರ್ಶೆ. ಆಗ ಬರವಣಿಗೆಯು ಸಾಹಿತ್ಯವೇ ಆಗಿ ಲೇಖನಿ ಗರ್ಭದಿಂದ ಮತ್ತೊಮ್ಮೆ ಚಿಗುರು ನಿಲ್ಲುತ್ತದೆ. ಇಲ್ಲವಾದರೆ
ಪ್ರಕಟವಾದ
ದಿನವೇ ಸವಕಲು
ನಾಣ್ಯವಾಗುತ್ತದೆ.
ವಿಮರ್ಶೆ ಬರೆಯ
ವಾತನಿಗೆ ಪ್ರಸಿದ್ಧಿ
ಇರಬೇಕೆಂದು
ಬಯಸಿದರೆ
ಸಾಲದು.
ಬರೆಯುವ
ವಿಮರ್ಶೆಗೂ
ಮೌಲ್ಯವಿರಬೇಕು.
ಯಾವುದೇ ಒಂದು
